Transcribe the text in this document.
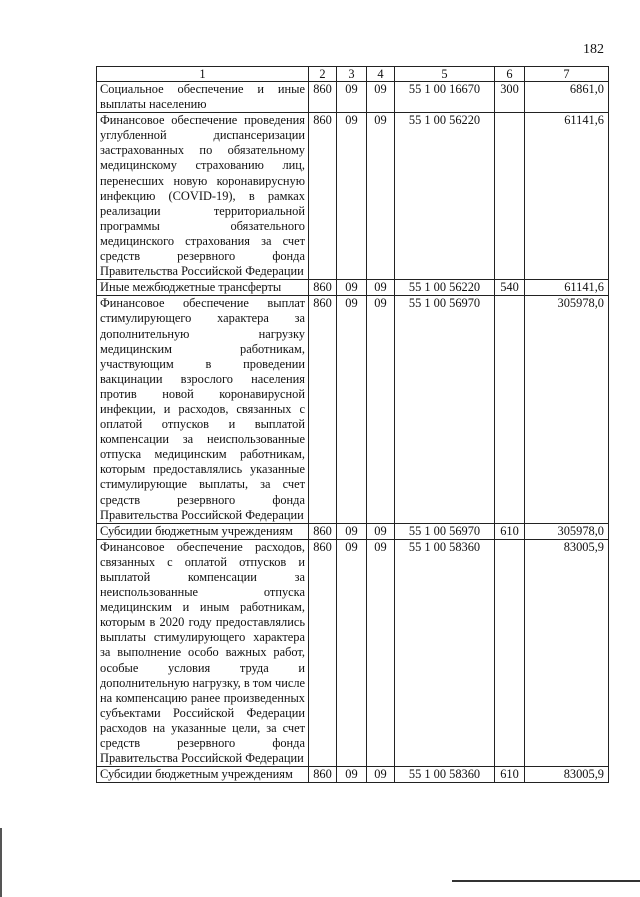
182
1	2	3	4	5	6	7
Социальное обеспечение и иные выплаты населению	860	09	09	55 1 00 16670	300	6861,0
Финансовое обеспечение проведения углубленной диспансеризации застрахованных по обязательному медицинскому страхованию лиц, перенесших новую коронавирусную инфекцию (COVID-19), в рамках реализации территориальной программы обязательного медицинского страхования за счет средств резервного фонда Правительства Российской Федерации	860	09	09	55 1 00 56220		61141,6
Иные межбюджетные трансферты	860	09	09	55 1 00 56220	540	61141,6
Финансовое обеспечение выплат стимулирующего характера за дополнительную нагрузку медицинским работникам, участвующим в проведении вакцинации взрослого населения против новой коронавирусной инфекции, и расходов, связанных с оплатой отпусков и выплатой компенсации за неиспользованные отпуска медицинским работникам, которым предоставлялись указанные стимулирующие выплаты, за счет средств резервного фонда Правительства Российской Федерации	860	09	09	55 1 00 56970		305978,0
Субсидии бюджетным учреждениям	860	09	09	55 1 00 56970	610	305978,0
Финансовое обеспечение расходов, связанных с оплатой отпусков и выплатой компенсации за неиспользованные отпуска медицинским и иным работникам, которым в 2020 году предоставлялись выплаты стимулирующего характера за выполнение особо важных работ, особые условия труда и дополнительную нагрузку, в том числе на компенсацию ранее произведенных субъектами Российской Федерации расходов на указанные цели, за счет средств резервного фонда Правительства Российской Федерации	860	09	09	55 1 00 58360		83005,9
Субсидии бюджетным учреждениям	860	09	09	55 1 00 58360	610	83005,9
